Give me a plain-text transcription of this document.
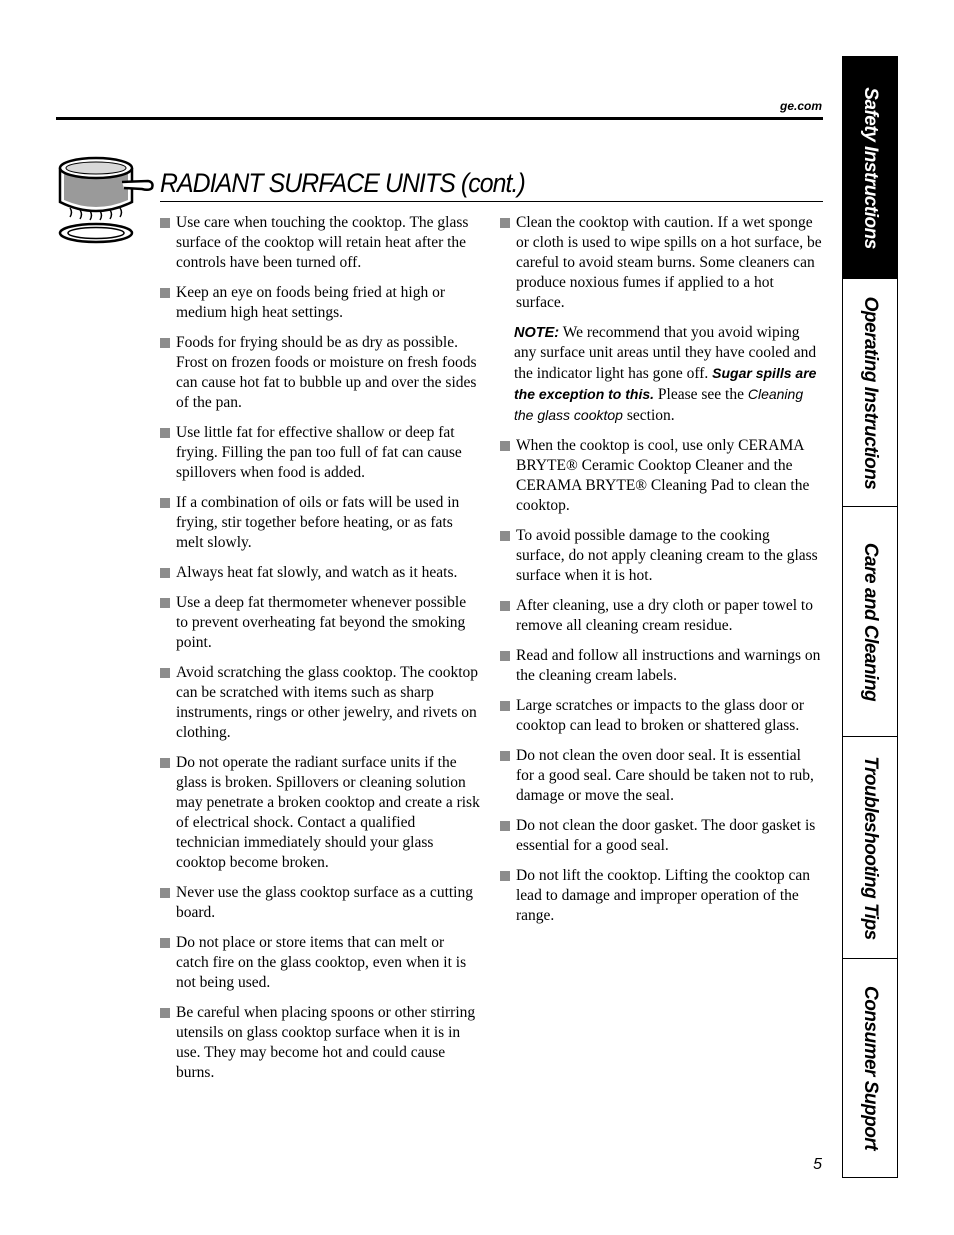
ge.com
RADIANT SURFACE UNITS (cont.)

Use care when touching the cooktop. The glass surface of the cooktop will retain heat after the controls have been turned off.

Keep an eye on foods being fried at high or medium high heat settings.

Foods for frying should be as dry as possible. Frost on frozen foods or moisture on fresh foods can cause hot fat to bubble up and over the sides of the pan.

Use little fat for effective shallow or deep fat frying. Filling the pan too full of fat can cause spillovers when food is added.

If a combination of oils or fats will be used in frying, stir together before heating, or as fats melt slowly.

Always heat fat slowly, and watch as it heats.

Use a deep fat thermometer whenever possible to prevent overheating fat beyond the smoking point.

Avoid scratching the glass cooktop. The cooktop can be scratched with items such as sharp instruments, rings or other jewelry, and rivets on clothing.

Do not operate the radiant surface units if the glass is broken. Spillovers or cleaning solution may penetrate a broken cooktop and create a risk of electrical shock. Contact a qualified technician immediately should your glass cooktop become broken.

Never use the glass cooktop surface as a cutting board.

Do not place or store items that can melt or catch fire on the glass cooktop, even when it is not being used.

Be careful when placing spoons or other stirring utensils on glass cooktop surface when it is in use. They may become hot and could cause burns.

Clean the cooktop with caution. If a wet sponge or cloth is used to wipe spills on a hot surface, be careful to avoid steam burns. Some cleaners can produce noxious fumes if applied to a hot surface.

NOTE: We recommend that you avoid wiping any surface unit areas until they have cooled and the indicator light has gone off. Sugar spills are the exception to this. Please see the Cleaning the glass cooktop section.

When the cooktop is cool, use only CERAMA BRYTE® Ceramic Cooktop Cleaner and the CERAMA BRYTE® Cleaning Pad to clean the cooktop.

To avoid possible damage to the cooking surface, do not apply cleaning cream to the glass surface when it is hot.

After cleaning, use a dry cloth or paper towel to remove all cleaning cream residue.

Read and follow all instructions and warnings on the cleaning cream labels.

Large scratches or impacts to the glass door or cooktop can lead to broken or shattered glass.

Do not clean the oven door seal. It is essential for a good seal. Care should be taken not to rub, damage or move the seal.

Do not clean the door gasket. The door gasket is essential for a good seal.

Do not lift the cooktop. Lifting the cooktop can lead to damage and improper operation of the range.

Safety Instructions
Operating Instructions
Care and Cleaning
Troubleshooting Tips
Consumer Support
5
